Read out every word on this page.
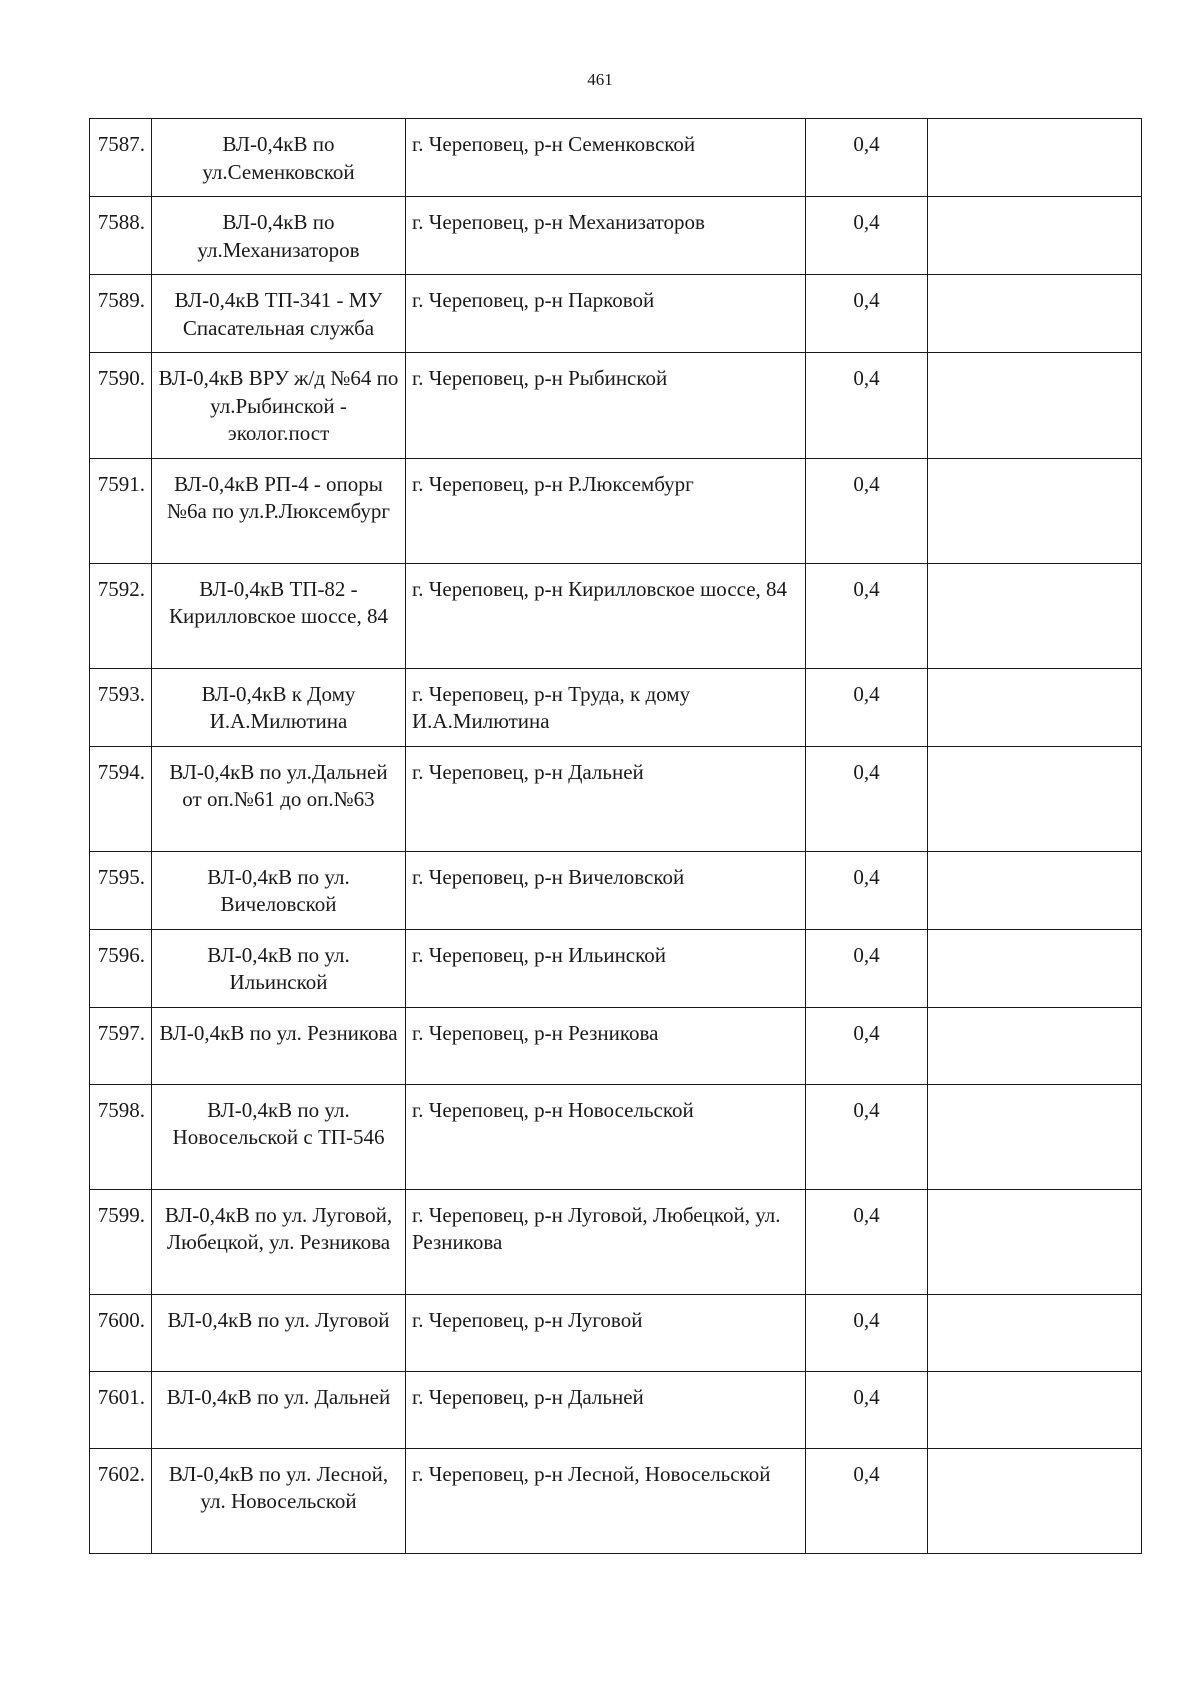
461
7587.	ВЛ-0,4кВ по ул.Семенковской	г. Череповец, р-н Семенковской	0,4	
7588.	ВЛ-0,4кВ по ул.Механизаторов	г. Череповец, р-н Механизаторов	0,4	
7589.	ВЛ-0,4кВ ТП-341 - МУ Спасательная служба	г. Череповец, р-н Парковой	0,4	
7590.	ВЛ-0,4кВ ВРУ ж/д №64 по ул.Рыбинской - эколог.пост	г. Череповец, р-н Рыбинской	0,4	
7591.	ВЛ-0,4кВ РП-4 - опоры №6а по ул.Р.Люксембург	г. Череповец, р-н Р.Люксембург	0,4	
7592.	ВЛ-0,4кВ ТП-82 - Кирилловское шоссе, 84	г. Череповец, р-н Кирилловское шоссе, 84	0,4	
7593.	ВЛ-0,4кВ к Дому И.А.Милютина	г. Череповец, р-н Труда, к дому И.А.Милютина	0,4	
7594.	ВЛ-0,4кВ по ул.Дальней от оп.№61 до оп.№63	г. Череповец, р-н Дальней	0,4	
7595.	ВЛ-0,4кВ по ул. Вичеловской	г. Череповец, р-н Вичеловской	0,4	
7596.	ВЛ-0,4кВ по ул. Ильинской	г. Череповец, р-н Ильинской	0,4	
7597.	ВЛ-0,4кВ по ул. Резникова	г. Череповец, р-н Резникова	0,4	
7598.	ВЛ-0,4кВ по ул. Новосельской с ТП-546	г. Череповец, р-н Новосельской	0,4	
7599.	ВЛ-0,4кВ по ул. Луговой, Любецкой, ул. Резникова	г. Череповец, р-н Луговой, Любецкой, ул. Резникова	0,4	
7600.	ВЛ-0,4кВ по ул. Луговой	г. Череповец, р-н Луговой	0,4	
7601.	ВЛ-0,4кВ по ул. Дальней	г. Череповец, р-н Дальней	0,4	
7602.	ВЛ-0,4кВ по ул. Лесной, ул. Новосельской	г. Череповец, р-н Лесной, Новосельской	0,4	
